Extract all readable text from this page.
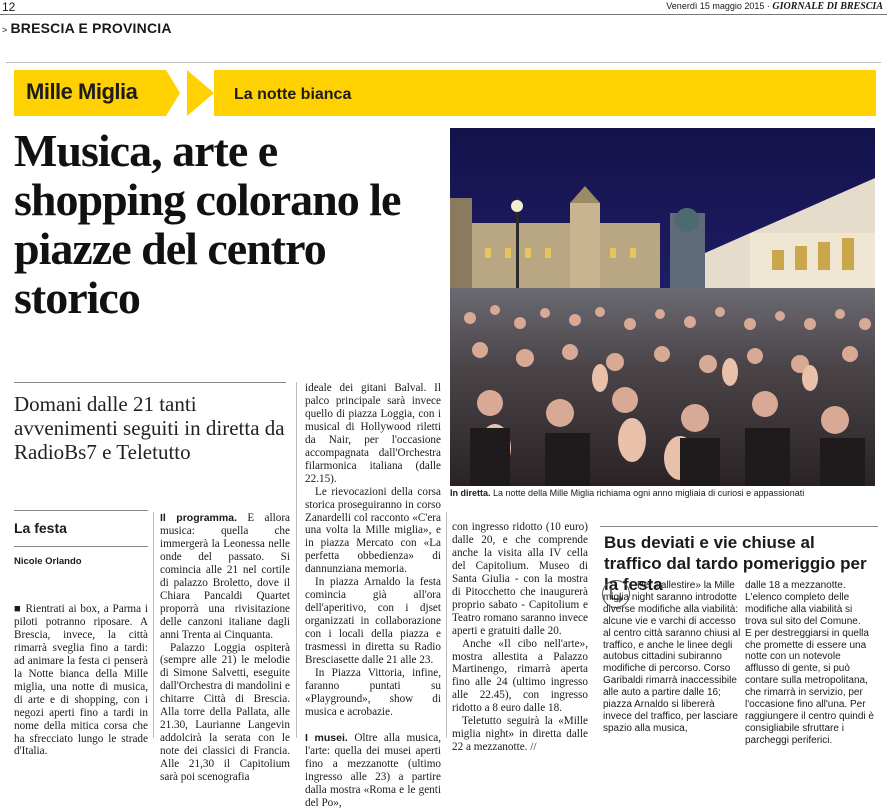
12	Venerdì 15 maggio 2015 · GIORNALE DI BRESCIA
> BRESCIA E PROVINCIA
Mille Miglia	La notte bianca
Musica, arte e shopping colorano le piazze del centro storico
In diretta. La notte della Mille Miglia richiama ogni anno migliaia di curiosi e appassionati
Domani dalle 21 tanti avvenimenti seguiti in diretta da RadioBs7 e Teletutto
La festa
Nicole Orlando

■ Rientrati ai box, a Parma i piloti potranno riposare. A Brescia, invece, la città rimarrà sveglia fino a tardi: ad animare la festa ci penserà la Notte bianca della Mille miglia, una notte di musica, di arte e di shopping, con i negozi aperti fino a tardi in nome della mitica corsa che ha sfrecciato lungo le strade d'Italia.

Il programma. E allora musica: quella che immergerà la Leonessa nelle onde del passato. Si comincia alle 21 nel cortile di palazzo Broletto, dove il Chiara Pancaldi Quartet proporrà una rivisitazione delle canzoni italiane dagli anni Trenta ai Cinquanta.

Palazzo Loggia ospiterà (sempre alle 21) le melodie di Simone Salvetti, eseguite dall'Orchestra di mandolini e chitarre Città di Brescia. Alla torre della Pallata, alle 21.30, Laurianne Langevin addolcirà la serata con le note dei classici di Francia. Alle 21,30 il Capitolium sarà poi scenografia

ideale dei gitani Balval. Il palco principale sarà invece quello di piazza Loggia, con i musical di Hollywood riletti da Nair, per l'occasione accompagnata dall'Orchestra filarmonica italiana (dalle 22.15).

Le rievocazioni della corsa storica proseguiranno in corso Zanardelli col racconto «C'era una volta la Mille miglia», e in piazza Mercato con «La perfetta obbedienza» di dannunziana memoria.

In piazza Arnaldo la festa comincia già all'ora dell'aperitivo, con i djset organizzati in collaborazione con i locali della piazza e trasmessi in diretta su Radio Bresciasette dalle 21 alle 23.

In Piazza Vittoria, infine, faranno puntati su «Playground», show di musica e acrobazie.

I musei. Oltre alla musica, l'arte: quella dei musei aperti fino a mezzanotte (ultimo ingresso alle 23) a partire dalla mostra «Roma e le genti del Po»,

con ingresso ridotto (10 euro) dalle 20, e che comprende anche la visita alla IV cella del Capitolium. Museo di Santa Giulia - con la mostra di Pitocchetto che inaugurerà proprio sabato - Capitolium e Teatro romano saranno invece aperti e gratuiti dalle 20.

Anche «Il cibo nell'arte», mostra allestita a Palazzo Martinengo, rimarrà aperta fino alle 24 (ultimo ingresso alle 22.45), con ingresso ridotto a 8 euro dalle 18.

Teletutto seguirà la «Mille miglia night» in diretta dalle 22 a mezzanotte. //

Bus deviati e vie chiuse al traffico dal tardo pomeriggio per la festa

Per «allestire» la Mille miglia night saranno introdotte diverse modifiche alla viabilità: alcune vie e varchi di accesso al centro città saranno chiusi al traffico, e anche le linee degli autobus cittadini subiranno modifiche di percorso. Corso Garibaldi rimarrà inaccessibile alle auto a partire dalle 16; piazza Arnaldo si libererà invece del traffico, per lasciare spazio alla musica,

dalle 18 a mezzanotte.

L'elenco completo delle modifiche alla viabilità si trova sul sito del Comune.

E per destreggiarsi in quella che promette di essere una notte con un notevole afflusso di gente, si può contare sulla metropolitana, che rimarrà in servizio, per l'occasione fino all'una. Per raggiungere il centro quindi è consigliabile sfruttare i parcheggi periferici.
